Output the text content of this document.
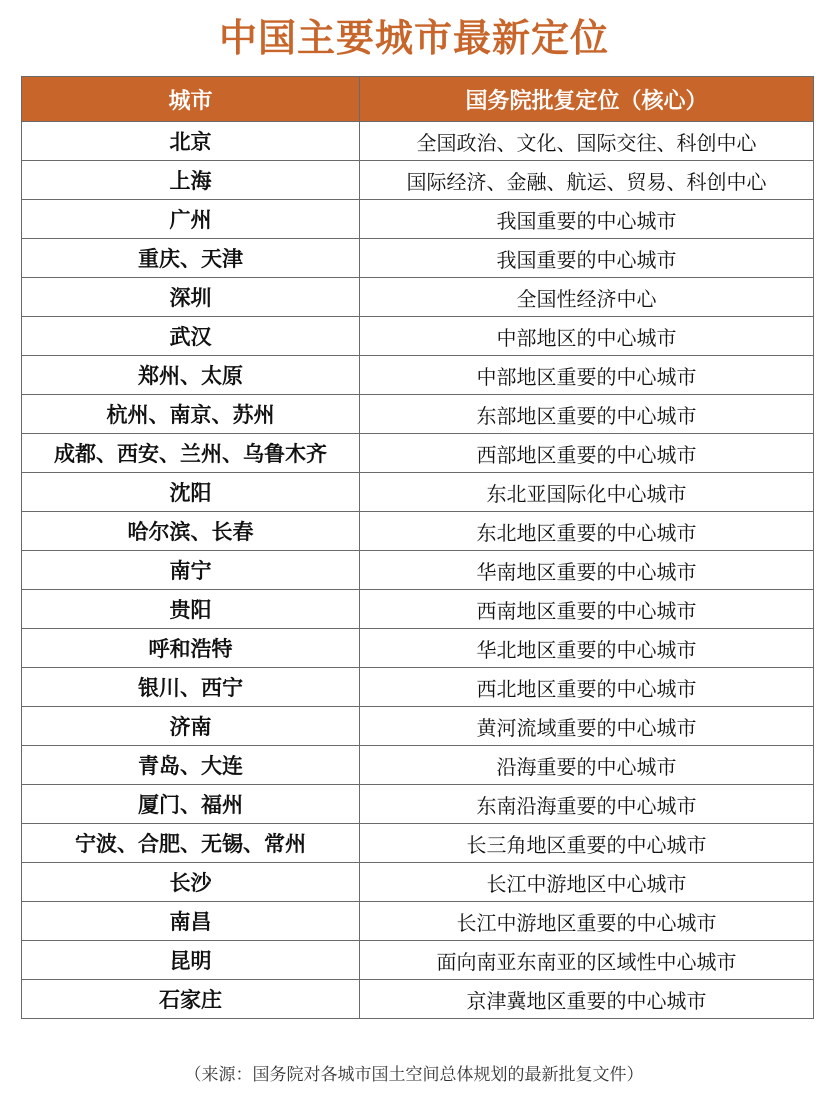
中国主要城市最新定位
城市	国务院批复定位（核心）
北京	全国政治、文化、国际交往、科创中心
上海	国际经济、金融、航运、贸易、科创中心
广州	我国重要的中心城市
重庆、天津	我国重要的中心城市
深圳	全国性经济中心
武汉	中部地区的中心城市
郑州、太原	中部地区重要的中心城市
杭州、南京、苏州	东部地区重要的中心城市
成都、西安、兰州、乌鲁木齐	西部地区重要的中心城市
沈阳	东北亚国际化中心城市
哈尔滨、长春	东北地区重要的中心城市
南宁	华南地区重要的中心城市
贵阳	西南地区重要的中心城市
呼和浩特	华北地区重要的中心城市
银川、西宁	西北地区重要的中心城市
济南	黄河流域重要的中心城市
青岛、大连	沿海重要的中心城市
厦门、福州	东南沿海重要的中心城市
宁波、合肥、无锡、常州	长三角地区重要的中心城市
长沙	长江中游地区中心城市
南昌	长江中游地区重要的中心城市
昆明	面向南亚东南亚的区域性中心城市
石家庄	京津冀地区重要的中心城市
（来源：国务院对各城市国土空间总体规划的最新批复文件）
